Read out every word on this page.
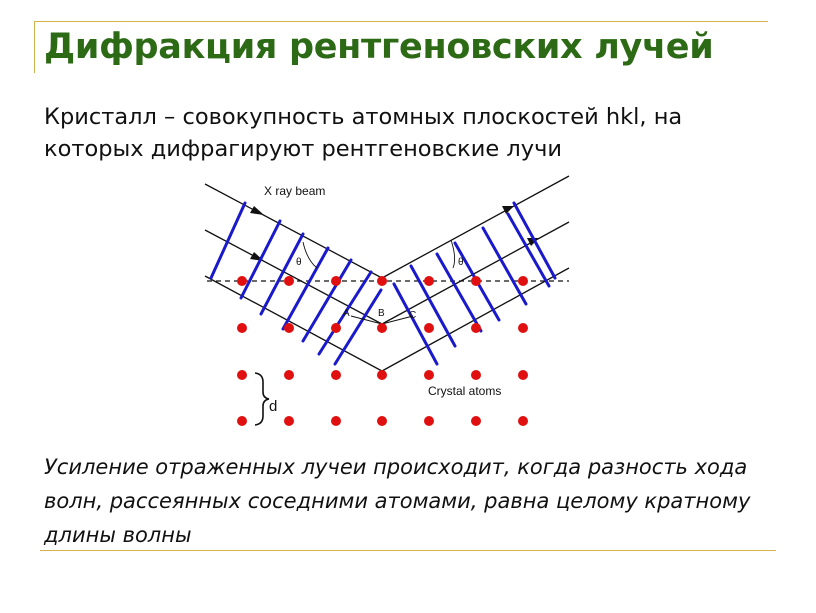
Дифракция рентгеновских лучей

Кристалл – совокупность атомных плоскостей hkl, на которых дифрагируют рентгеновские лучи

X ray beam
θ	θ
A	B C
Crystal atoms
d

Усиление отраженных лучеи происходит, когда разность хода волн, рассеянных соседними атомами, равна целому кратному длины волны
